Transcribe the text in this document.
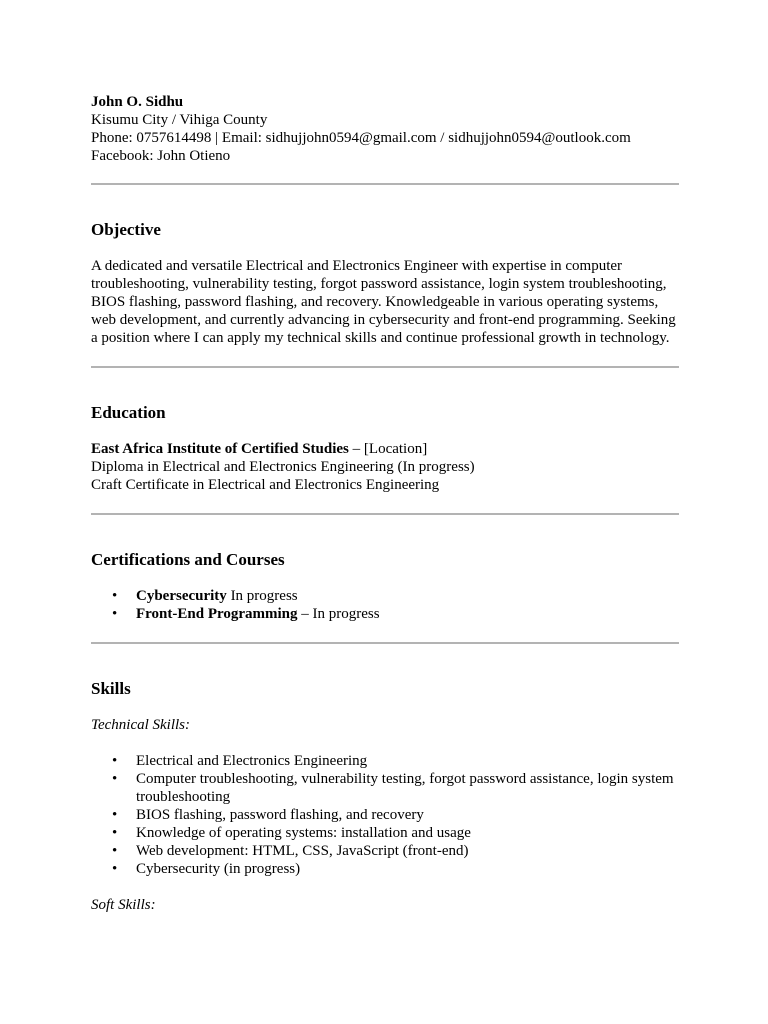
John O. Sidhu

Kisumu City / Vihiga County

Phone: 0757614498 | Email: sidhujjohn0594@gmail.com / sidhujjohn0594@outlook.com

Facebook: John Otieno

Objective

A dedicated and versatile Electrical and Electronics Engineer with expertise in computer troubleshooting, vulnerability testing, forgot password assistance, login system troubleshooting, BIOS flashing, password flashing, and recovery. Knowledgeable in various operating systems, web development, and currently advancing in cybersecurity and front-end programming. Seeking a position where I can apply my technical skills and continue professional growth in technology.

Education

East Africa Institute of Certified Studies – [Location]

Diploma in Electrical and Electronics Engineering (In progress)

Craft Certificate in Electrical and Electronics Engineering

Certifications and Courses
• Cybersecurity In progress
• Front-End Programming – In progress
Skills

Technical Skills:

• Electrical and Electronics Engineering
• Computer troubleshooting, vulnerability testing, forgot password assistance, login system troubleshooting
• BIOS flashing, password flashing, and recovery
• Knowledge of operating systems: installation and usage
• Web development: HTML, CSS, JavaScript (front-end)
• Cybersecurity (in progress)

Soft Skills:
